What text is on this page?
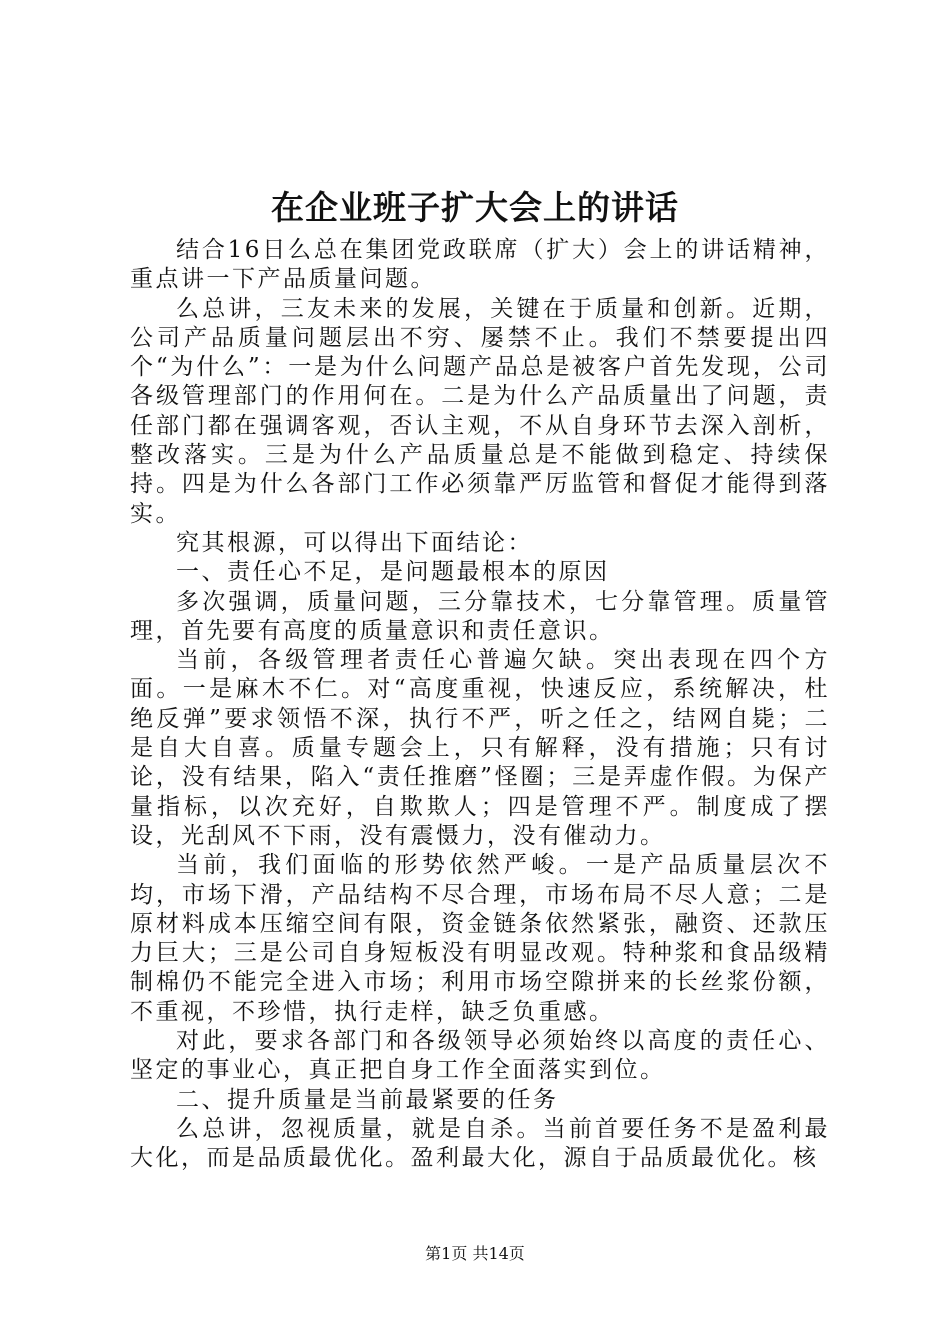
在企业班子扩大会上的讲话

结合16日么总在集团党政联席（扩大）会上的讲话精神，重点讲一下产品质量问题。

么总讲，三友未来的发展，关键在于质量和创新。近期，公司产品质量问题层出不穷、屡禁不止。我们不禁要提出四个“为什么”：一是为什么问题产品总是被客户首先发现，公司各级管理部门的作用何在。二是为什么产品质量出了问题，责任部门都在强调客观，否认主观，不从自身环节去深入剖析，整改落实。三是为什么产品质量总是不能做到稳定、持续保持。四是为什么各部门工作必须靠严厉监管和督促才能得到落实。

究其根源，可以得出下面结论：

一、责任心不足，是问题最根本的原因

多次强调，质量问题，三分靠技术，七分靠管理。质量管理，首先要有高度的质量意识和责任意识。

当前，各级管理者责任心普遍欠缺。突出表现在四个方面。一是麻木不仁。对“高度重视，快速反应，系统解决，杜绝反弹”要求领悟不深，执行不严，听之任之，结网自毙；二是自大自喜。质量专题会上，只有解释，没有措施；只有讨论，没有结果，陷入“责任推磨”怪圈；三是弄虚作假。为保产量指标，以次充好，自欺欺人；四是管理不严。制度成了摆设，光刮风不下雨，没有震慑力，没有催动力。

当前，我们面临的形势依然严峻。一是产品质量层次不均，市场下滑，产品结构不尽合理，市场布局不尽人意；二是原材料成本压缩空间有限，资金链条依然紧张，融资、还款压力巨大；三是公司自身短板没有明显改观。特种浆和食品级精制棉仍不能完全进入市场；利用市场空隙拼来的长丝浆份额，不重视，不珍惜，执行走样，缺乏负重感。

对此，要求各部门和各级领导必须始终以高度的责任心、坚定的事业心，真正把自身工作全面落实到位。

二、提升质量是当前最紧要的任务

么总讲，忽视质量，就是自杀。当前首要任务不是盈利最大化，而是品质最优化。盈利最大化，源自于品质最优化。核

第1页 共14页
